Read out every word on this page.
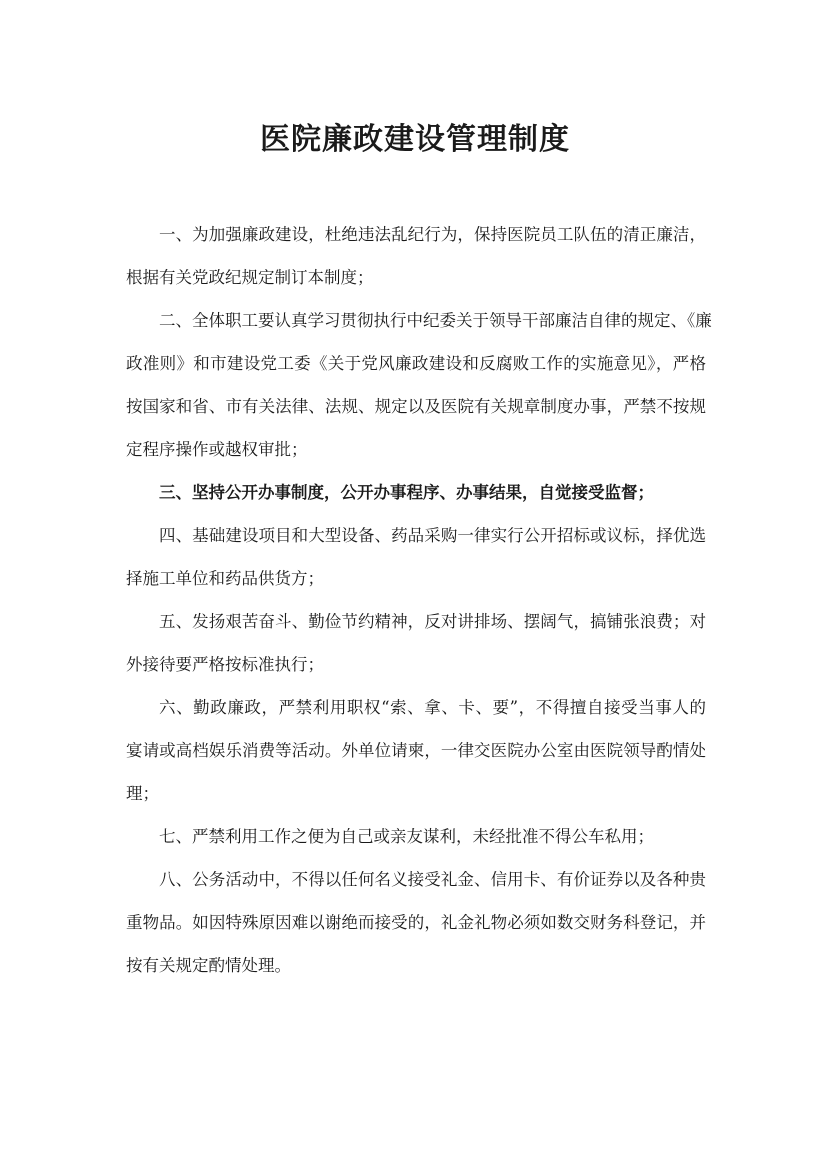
医院廉政建设管理制度
一、为加强廉政建设，杜绝违法乱纪行为，保持医院员工队伍的清正廉洁，
根据有关党政纪规定制订本制度；
二、全体职工要认真学习贯彻执行中纪委关于领导干部廉洁自律的规定、《廉
政准则》和市建设党工委《关于党风廉政建设和反腐败工作的实施意见》，严格
按国家和省、市有关法律、法规、规定以及医院有关规章制度办事，严禁不按规
定程序操作或越权审批；
三、坚持公开办事制度，公开办事程序、办事结果，自觉接受监督；
四、基础建设项目和大型设备、药品采购一律实行公开招标或议标，择优选
择施工单位和药品供货方；
五、发扬艰苦奋斗、勤俭节约精神，反对讲排场、摆阔气，搞铺张浪费；对
外接待要严格按标准执行；
六、勤政廉政，严禁利用职权“索、拿、卡、要”，不得擅自接受当事人的
宴请或高档娱乐消费等活动。外单位请柬，一律交医院办公室由医院领导酌情处
理；
七、严禁利用工作之便为自己或亲友谋利，未经批准不得公车私用；
八、公务活动中，不得以任何名义接受礼金、信用卡、有价证券以及各种贵
重物品。如因特殊原因难以谢绝而接受的，礼金礼物必须如数交财务科登记，并
按有关规定酌情处理。
